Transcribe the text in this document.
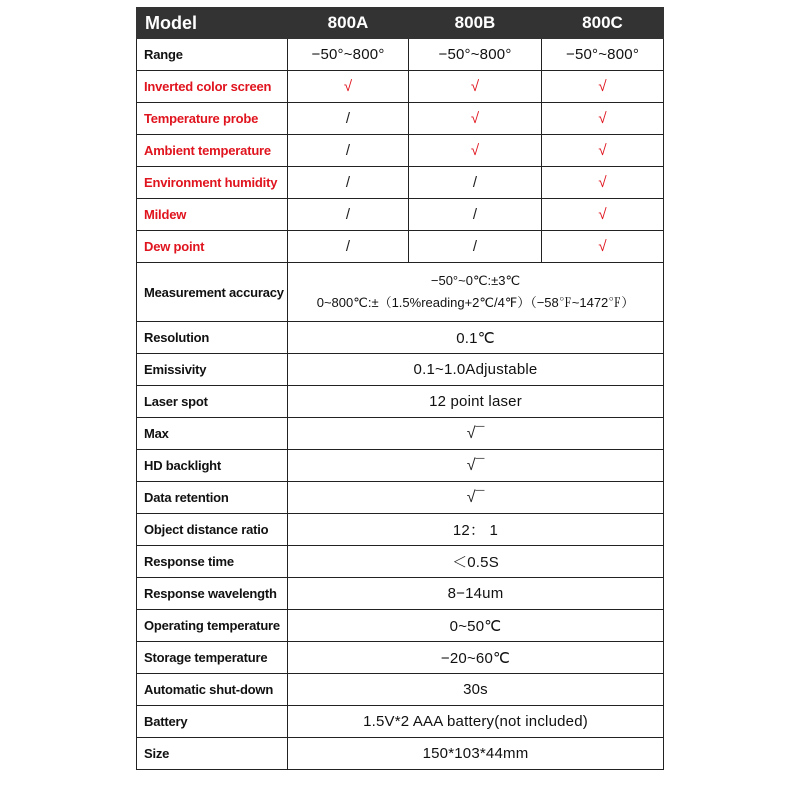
Model	800A	800B	800C
Range	−50°~800°	−50°~800°	−50°~800°
Inverted color screen	√	√	√
Temperature probe	/	√	√
Ambient temperature	/	√	√
Environment humidity	/	/	√
Mildew	/	/	√
Dew point	/	/	√

Measurement accuracy	−50°~0℃:±3℃
0~800℃:±（1.5%reading+2℃/4℉）（−58℉~1472℉）		

Resolution	0.1℃		
Emissivity	0.1~1.0Adjustable		
Laser spot	12 point laser		
Max	√¯		
HD backlight	√¯		
Data retention	√¯		
Object distance ratio	12： 1		
Response time	＜0.5S		
Response wavelength	8−14um		
Operating temperature	0~50℃		
Storage temperature	−20~60℃		
Automatic shut-down	30s		
Battery	1.5V*2 AAA battery(not included)		
Size	150*103*44mm		
